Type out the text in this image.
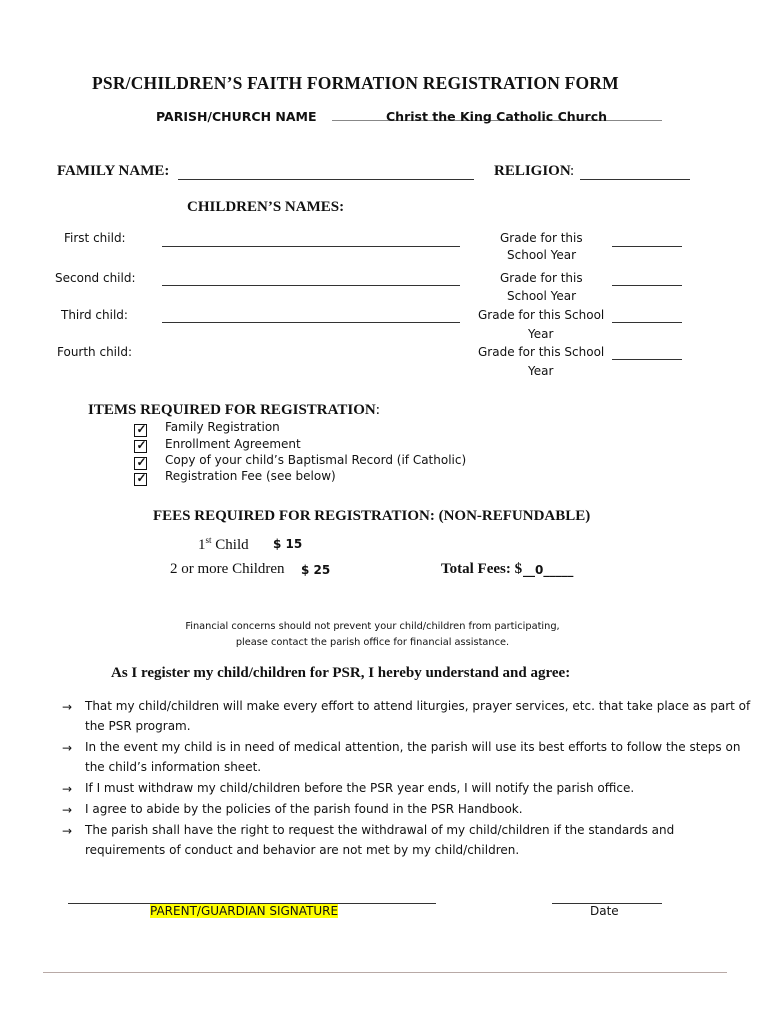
PSR/CHILDREN’S FAITH FORMATION REGISTRATION FORM
PARISH/CHURCH NAME	Christ the King Catholic Church
FAMILY NAME:	RELIGION :
CHILDREN’S NAMES:
First child:	Grade for this
School Year
Second child:	Grade for this
School Year
Third child:	Grade for this School
Year
Fourth child:	Grade for this School
Year
ITEMS REQUIRED FOR REGISTRATION:
✓ Family Registration
✓ Enrollment Agreement
✓ Copy of your child’s Baptismal Record (if Catholic)
✓ Registration Fee (see below)
FEES REQUIRED FOR REGISTRATION: (NON-REFUNDABLE)
1st Child $ 15
2 or more Children $ 25	Total Fees: $ __0_____
Financial concerns should not prevent your child/children from participating,
please contact the parish office for financial assistance.
As I register my child/children for PSR, I hereby understand and agree:
→ That my child/children will make every effort to attend liturgies, prayer services, etc. that take place as part of
the PSR program.
→ In the event my child is in need of medical attention, the parish will use its best efforts to follow the steps on
the child’s information sheet.
→ If I must withdraw my child/children before the PSR year ends, I will notify the parish office.
→ I agree to abide by the policies of the parish found in the PSR Handbook.
→ The parish shall have the right to request the withdrawal of my child/children if the standards and
requirements of conduct and behavior are not met by my child/children.
PARENT/GUARDIAN SIGNATURE	Date
